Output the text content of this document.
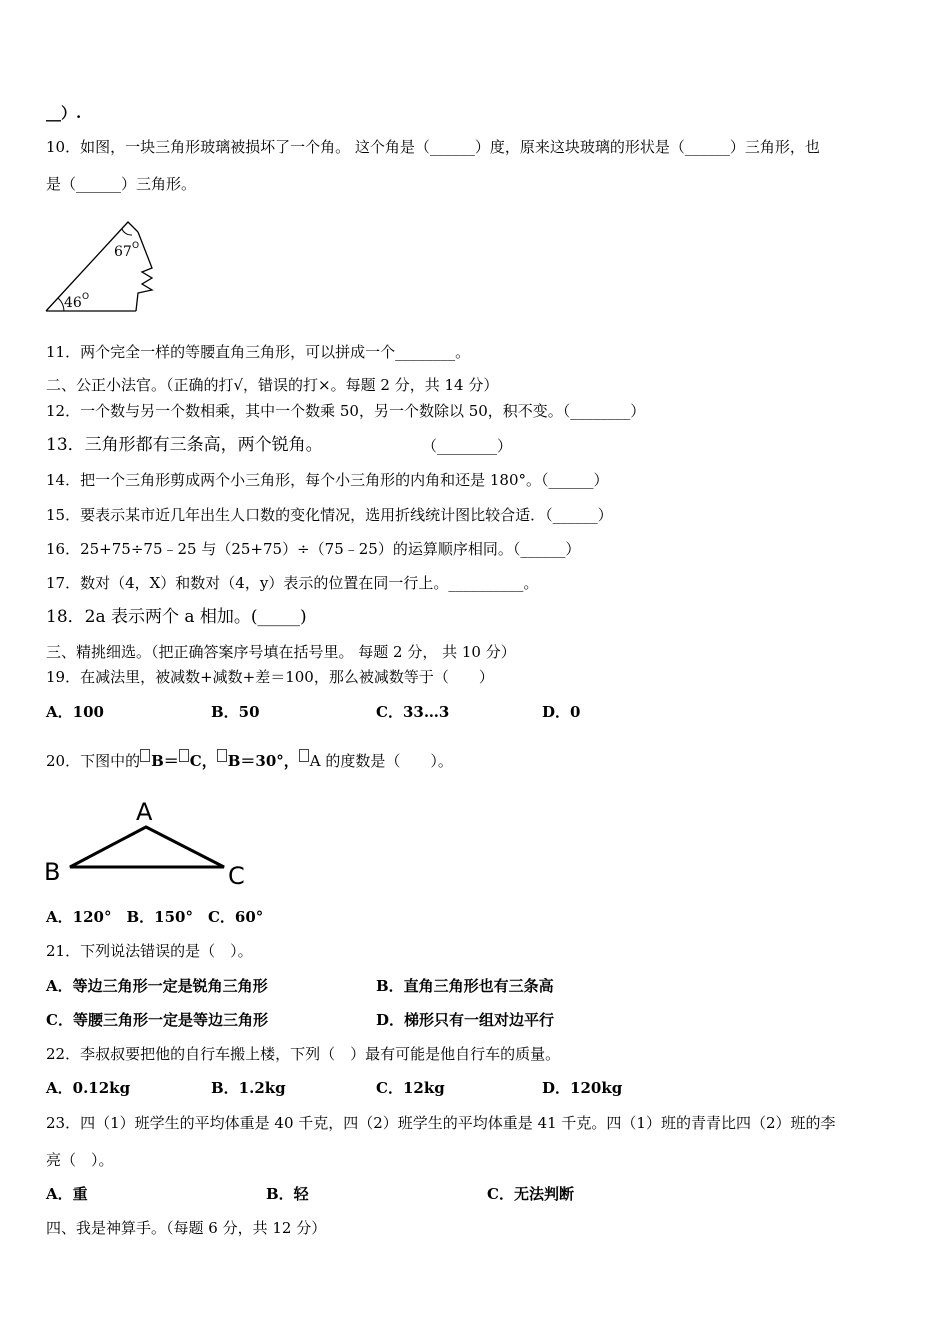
__）.
10．如图，一块三角形玻璃被损坏了一个角。 这个角是（______）度，原来这块玻璃的形状是（______）三角形，也
是（______）三角形。
67 O
46 O
11．两个完全一样的等腰直角三角形，可以拼成一个________。
二、公正小法官。（正确的打√，错误的打×。每题 2 分，共 14 分）
12．一个数与另一个数相乘，其中一个数乘 50，另一个数除以 50，积不变。（________）
13．三角形都有三条高，两个锐角。	（________）
14．把一个三角形剪成两个小三角形，每个小三角形的内角和还是 180°。（______）
15．要表示某市近几年出生人口数的变化情况，选用折线统计图比较合适．（______）
16．25+75÷75﹣25 与（25+75）÷（75﹣25）的运算顺序相同。（______）
17．数对（4，X）和数对（4，y）表示的位置在同一行上。__________。
18．2a 表示两个 a 相加。(_____)
三、精挑细选。（把正确答案序号填在括号里。 每题 2 分， 共 10 分）
19．在减法里，被减数+减数+差＝100，那么被减数等于（　　）
A．100	B．50	C．33…3	D．0
20．下图中的 B＝ C， B＝30°， A 的度数是（　　）。
A
B	C
A．120°　B．150°　C．60°
21．下列说法错误的是（　）。
A．等边三角形一定是锐角三角形	B．直角三角形也有三条高
C．等腰三角形一定是等边三角形	D．梯形只有一组对边平行
22．李叔叔要把他的自行车搬上楼，下列（　）最有可能是他自行车的质量。
A．0.12kg	B．1.2kg	C．12kg	D．120kg
23．四（1）班学生的平均体重是 40 千克，四（2）班学生的平均体重是 41 千克。四（1）班的青青比四（2）班的李
亮（　）。
A．重	B．轻	C．无法判断
四、我是神算手。（每题 6 分，共 12 分）
